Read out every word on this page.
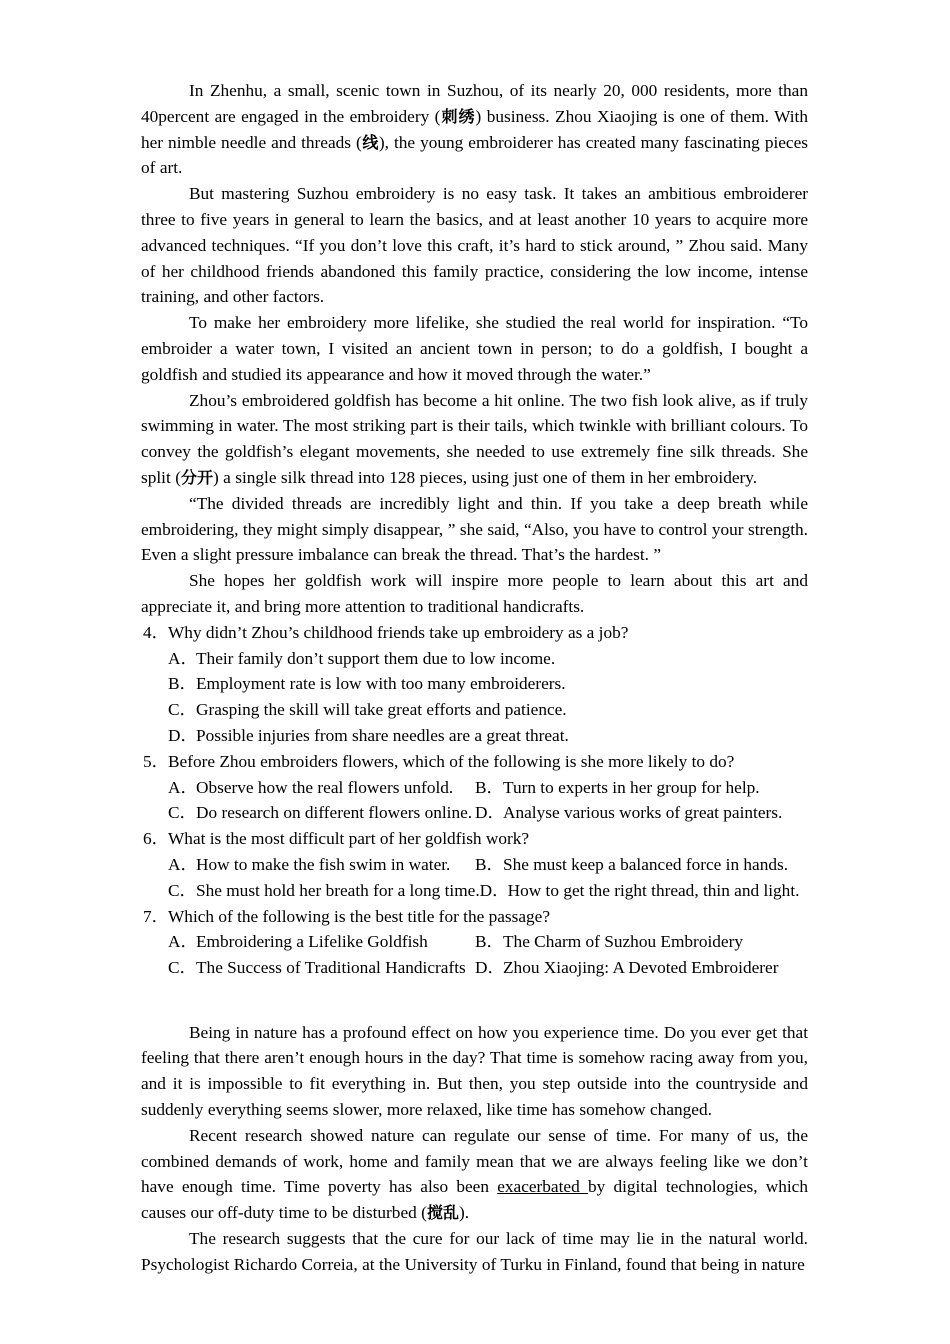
In Zhenhu, a small, scenic town in Suzhou, of its nearly 20, 000 residents, more than 40percent are engaged in the embroidery (刺绣) business. Zhou Xiaojing is one of them. With her nimble needle and threads (线), the young embroiderer has created many fascinating pieces of art.

But mastering Suzhou embroidery is no easy task. It takes an ambitious embroiderer three to five years in general to learn the basics, and at least another 10 years to acquire more advanced techniques. “If you don’t love this craft, it’s hard to stick around, ” Zhou said. Many of her childhood friends abandoned this family practice, considering the low income, intense training, and other factors.

To make her embroidery more lifelike, she studied the real world for inspiration. “To embroider a water town, I visited an ancient town in person; to do a goldfish, I bought a goldfish and studied its appearance and how it moved through the water.”

Zhou’s embroidered goldfish has become a hit online. The two fish look alive, as if truly swimming in water. The most striking part is their tails, which twinkle with brilliant colours. To convey the goldfish’s elegant movements, she needed to use extremely fine silk threads. She split (分开) a single silk thread into 128 pieces, using just one of them in her embroidery.

“The divided threads are incredibly light and thin. If you take a deep breath while embroidering, they might simply disappear, ” she said, “Also, you have to control your strength. Even a slight pressure imbalance can break the thread. That’s the hardest. ”

She hopes her goldfish work will inspire more people to learn about this art and appreciate it, and bring more attention to traditional handicrafts.

4． Why didn’t Zhou’s childhood friends take up embroidery as a job?
A．
Their family don’t support them due to low income.
B． Employment rate is low with too many embroiderers.
C． Grasping the skill will take great efforts and patience.
D．
Possible injuries from share needles are a great threat.
5． Before Zhou embroiders flowers, which of the following is she more likely to do?
A．
Observe how the real flowers unfold. B． Turn to experts in her group for help.
C． Do research on different flowers online. D．
Analyse various works of great painters.
6． What is the most difficult part of her goldfish work?
A．
How to make the fish swim in water. B． She must keep a balanced force in hands.
C． She must hold her breath for a long time. D．
How to get the right thread, thin and light.
7． Which of the following is the best title for the passage?
A．
Embroidering a Lifelike Goldfish	B． The Charm of Suzhou Embroidery
C． The Success of Traditional Handicrafts D．
Zhou Xiaojing: A Devoted Embroiderer

Being in nature has a profound effect on how you experience time. Do you ever get that feeling that there aren’t enough hours in the day? That time is somehow racing away from you, and it is impossible to fit everything in. But then, you step outside into the countryside and suddenly everything seems slower, more relaxed, like time has somehow changed.

Recent research showed nature can regulate our sense of time. For many of us, the combined demands of work, home and family mean that we are always feeling like we don’t have enough time. Time poverty has also been exacerbated by digital technologies, which causes our off-duty time to be disturbed (搅乱).

The research suggests that the cure for our lack of time may lie in the natural world. Psychologist Richardo Correia, at the University of Turku in Finland, found that being in nature
